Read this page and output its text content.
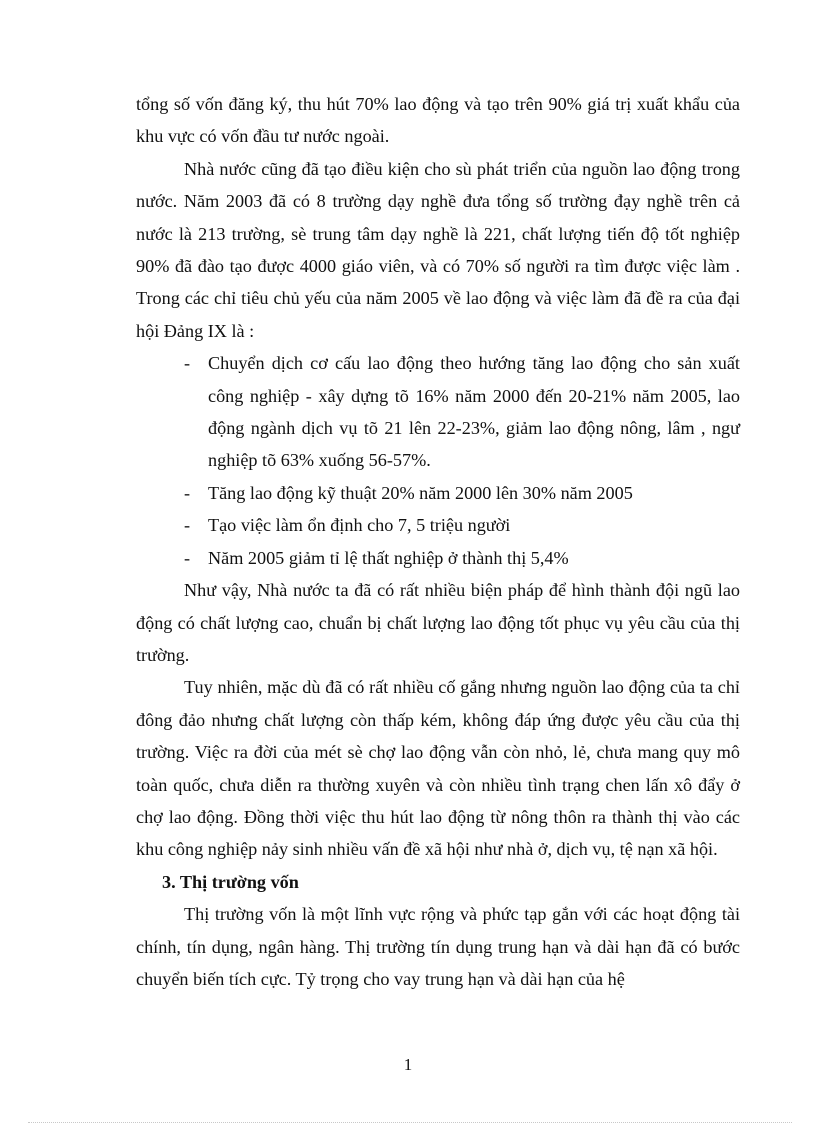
tổng số vốn đăng ký, thu hút 70% lao động và tạo trên 90% giá trị xuất khẩu của khu vực có vốn đầu tư nước ngoài.

Nhà nước cũng đã tạo điều kiện cho sù phát triển của nguồn lao động trong nước. Năm 2003 đã có 8 trường dạy nghề đưa tổng số trường đạy nghề trên cả nước là 213 trường, sè trung tâm dạy nghề là 221, chất lượng tiến độ tốt nghiệp 90% đã đào tạo được 4000 giáo viên, và có 70% số người ra tìm được việc làm . Trong các chỉ tiêu chủ yếu của năm 2005 về lao động và việc làm đã đề ra của đại hội Đảng IX là :

- Chuyển dịch cơ cấu lao động theo hướng tăng lao động cho sản xuất công nghiệp - xây dựng tõ 16% năm 2000 đến 20-21% năm 2005, lao động ngành dịch vụ tõ 21 lên 22-23%, giảm lao động nông, lâm , ngư nghiệp tõ 63% xuống 56-57%.
- Tăng lao động kỹ thuật 20% năm 2000 lên 30% năm 2005
- Tạo việc làm ổn định cho 7, 5 triệu người
- Năm 2005 giảm tỉ lệ thất nghiệp ở thành thị 5,4%

Như vậy, Nhà nước ta đã có rất nhiều biện pháp để hình thành đội ngũ lao động có chất lượng cao, chuẩn bị chất lượng lao động tốt phục vụ yêu cầu của thị trường.

Tuy nhiên, mặc dù đã có rất nhiều cố gắng nhưng nguồn lao động của ta chỉ đông đảo nhưng chất lượng còn thấp kém, không đáp ứng được yêu cầu của thị trường. Việc ra đời của mét sè chợ lao động vẫn còn nhỏ, lẻ, chưa mang quy mô toàn quốc, chưa diễn ra thường xuyên và còn nhiều tình trạng chen lấn xô đẩy ở chợ lao động. Đồng thời việc thu hút lao động từ nông thôn ra thành thị vào các khu công nghiệp nảy sinh nhiều vấn đề xã hội như nhà ở, dịch vụ, tệ nạn xã hội.

3. Thị trường vốn

Thị trường vốn là một lĩnh vực rộng và phức tạp gắn với các hoạt động tài chính, tín dụng, ngân hàng. Thị trường tín dụng trung hạn và dài hạn đã có bước chuyển biến tích cực. Tỷ trọng cho vay trung hạn và dài hạn của hệ

1
